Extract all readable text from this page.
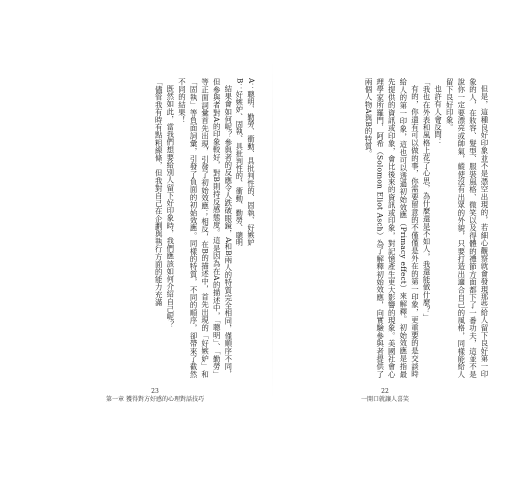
但是，這種良好印象並不是憑空出現的，若細心觀察就會發現那些給人留下良好第一印象的人，在妝容、髮型、服裝風格、微笑以及得體的禮節方面都下了一番功夫，這並不是說你一定要漂亮或帥氣，縱使沒有出眾的外貌，只要打造出適合自己的風格，同樣能給人留下良好印象。

也許有人會反問：

「我也在外表和風格上花了心思，為什麼還是不如人，我還能做什麼？」

有的，你還有可以做的事，你需要留意的不僅僅是外在的第一印象，更重要的是交談時給人的第一印象，這也可以透過初始效應（Primacy effect）來解釋。初始效應是指最先提供的資訊或印象，會比後來的資訊或印象，對記憶產生更大影響的現象。美國社會心理學家所羅門．阿希（Solomon Eliot Asch）為了解釋初始效應，向實驗參與者提供了兩個人物A與B的特質。

22
一開口就讓人喜笑

A：聰明、勤勞、衝動、具批判性的、固執、好嫉妒

B：好嫉妒、固執、具批判性的、衝動、勤勞、聰明

結果會如何呢？參與者的反應令人跌破眼鏡，A和B兩人的特質完全相同，僅順序不同，但參與者對A的印象較好，對B則持反感態度。這是因為在A的描述中，「聰明」、「勤勞」等正面詞彙首先出現，引發了初始效應；相反，在B的描述中，首先出現的「好嫉妒」和「固執」等負面詞彙，引發了負面的初始效應。同樣的特質，不同的順序，卻帶來了截然不同的結果！

既然如此，當我們想要給別人留下好印象時，我們應該如何介紹自己呢？

「儘管我有時有點粗線條，但我對自己在企劃與執行方面的能力充滿

23
第一章 獲得對方好感的心理對話技巧
